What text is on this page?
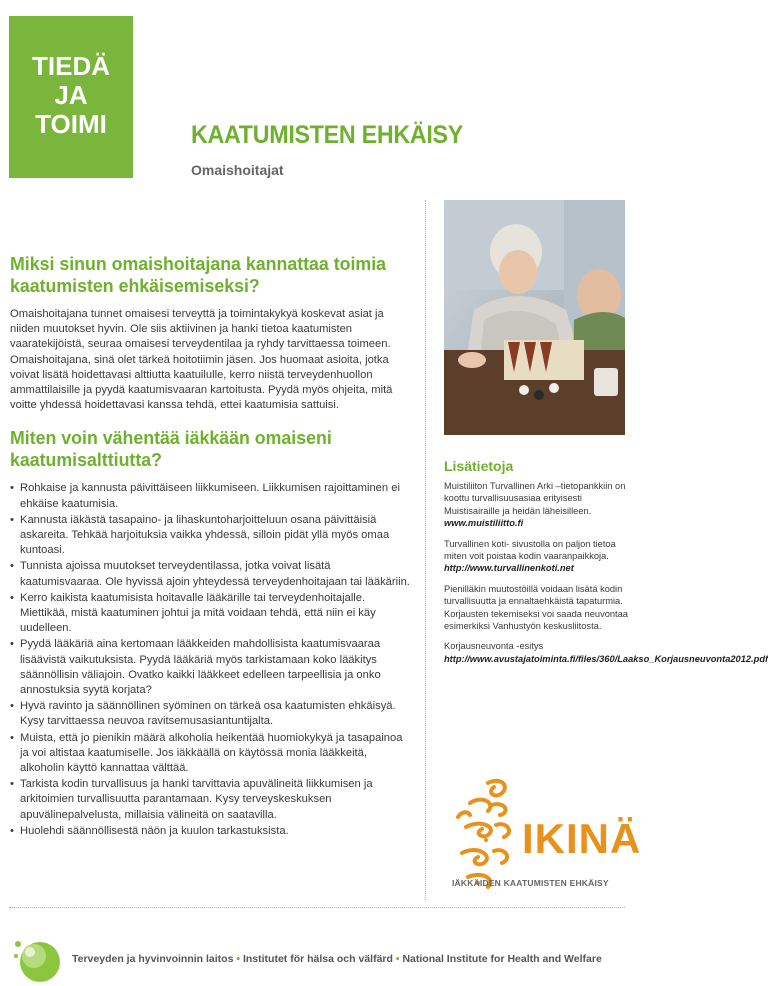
TIEDÄ
JA
TOIMI	KAATUMISTEN EHKÄISY
Omaishoitajat
Miksi sinun omaishoitajana kannattaa toimia kaatumisten ehkäisemiseksi?
Omaishoitajana tunnet omaisesi terveyttä ja toimintakykyä koskevat asiat ja niiden muutokset hyvin. Ole siis aktiivinen ja hanki tietoa kaatumisten vaaratekijöistä, seuraa omaisesi terveydentilaa ja ryhdy tarvittaessa toimeen. Omaishoitajana, sinä olet tärkeä hoitotiimin jäsen. Jos huomaat asioita, jotka voivat lisätä hoidettavasi alttiutta kaatuilulle, kerro niistä terveydenhuollon ammattilaisille ja pyydä kaatumisvaaran kartoitusta. Pyydä myös ohjeita, mitä voitte yhdessä hoidettavasi kanssa tehdä, ettei kaatumisia sattuisi.
Miten voin vähentää iäkkään omaiseni kaatumisalttiutta?
• Rohkaise ja kannusta päivittäiseen liikkumiseen. Liikkumisen rajoittaminen ei ehkäise kaatumisia.
• Kannusta iäkästä tasapaino- ja lihaskuntoharjoitteluun osana päivittäisiä askareita. Tehkää harjoituksia vaikka yhdessä, silloin pidät yllä myös omaa kuntoasi.
• Tunnista ajoissa muutokset terveydentilassa, jotka voivat lisätä kaatumisvaaraa. Ole hyvissä ajoin yhteydessä terveydenhoitajaan tai lääkäriin.
• Kerro kaikista kaatumisista hoitavalle lääkärille tai terveydenhoitajalle. Miettikää, mistä kaatuminen johtui ja mitä voidaan tehdä, että niin ei käy uudelleen.
• Pyydä lääkäriä aina kertomaan lääkkeiden mahdollisista kaatumisvaaraa lisäävistä vaikutuksista. Pyydä lääkäriä myös tarkistamaan koko lääkitys säännöllisin väliajoin. Ovatko kaikki lääkkeet edelleen tarpeellisia ja onko annostuksia syytä korjata?
• Hyvä ravinto ja säännöllinen syöminen on tärkeä osa kaatumisten ehkäisyä. Kysy tarvittaessa neuvoa ravitsemusasiantuntijalta.
• Muista, että jo pienikin määrä alkoholia heikentää huomiokykyä ja tasapainoa ja voi altistaa kaatumiselle. Jos iäkkäällä on käytössä monia lääkkeitä, alkoholin käyttö kannattaa välttää.
• Tarkista kodin turvallisuus ja hanki tarvittavia apuvälineitä liikkumisen ja arkitoimien turvallisuutta parantamaan. Kysy terveyskeskuksen apuvälinepalvelusta, millaisia välineitä on saatavilla.
• Huolehdi säännöllisestä näön ja kuulon tarkastuksista.
Lisätietoja

Muistiliiton Turvallinen Arki –tietopankkiin on koottu turvallisuusasiaa erityisesti Muistisairaille ja heidän läheisilleen.
www.muistiliitto.fi

Turvallinen koti- sivustolla on paljon tietoa miten voit poistaa kodin vaaranpaikkoja.
http://www.turvallinenkoti.net

Pienilläkin muutostöillä voidaan lisätä kodin turvallisuutta ja ennaltaehkäistä tapaturmia. Korjausten tekemiseksi voi saada neuvontaa esimerkiksi Vanhustyön keskusliitosta.

Korjausneuvonta -esitys
http://www.avustajatoiminta.fi/files/360/Laakso_Korjausneuvonta2012.pdf

IKINÄ
IÄKKÄIDEN KAATUMISTEN EHKÄISY
Terveyden ja hyvinvoinnin laitos • Institutet för hälsa och välfärd • National Institute for Health and Welfare
